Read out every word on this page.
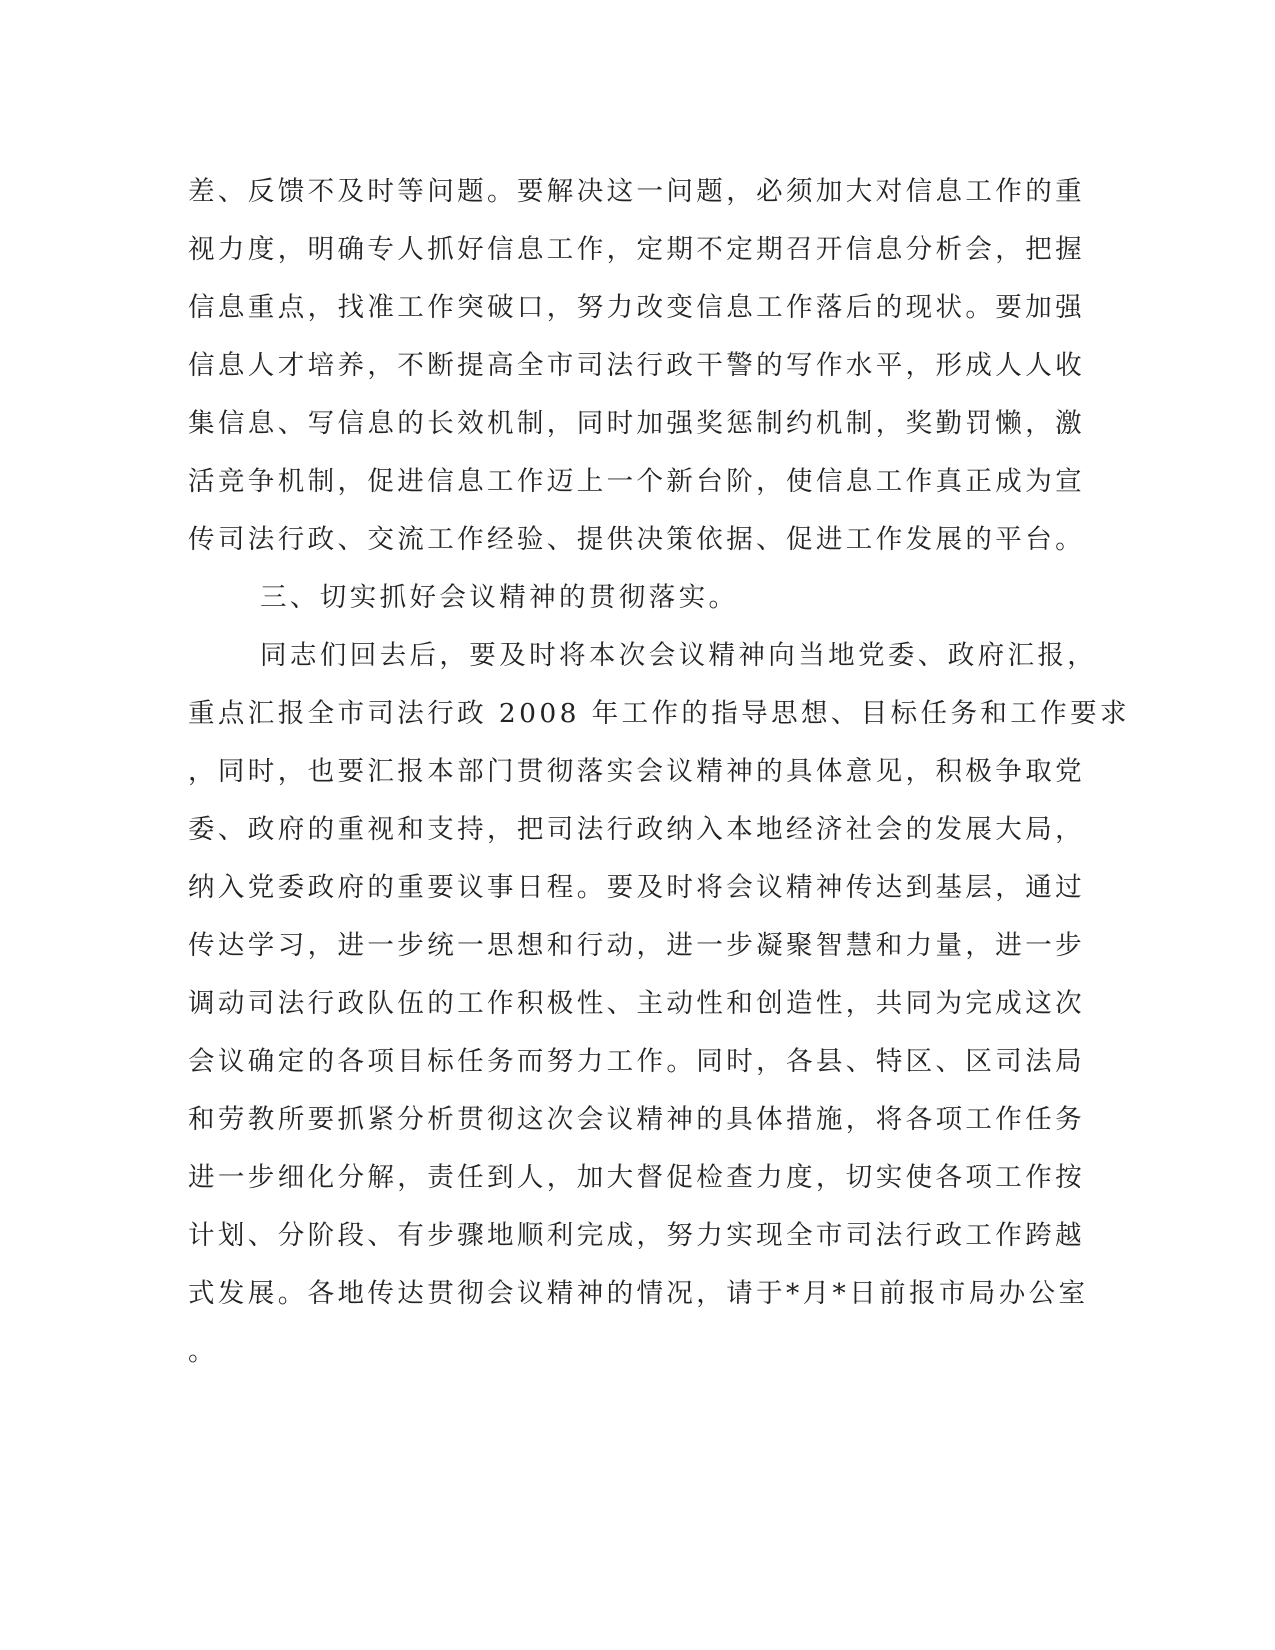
差、反馈不及时等问题。要解决这一问题，必须加大对信息工作的重
视力度，明确专人抓好信息工作，定期不定期召开信息分析会，把握
信息重点，找准工作突破口，努力改变信息工作落后的现状。要加强
信息人才培养，不断提高全市司法行政干警的写作水平，形成人人收
集信息、写信息的长效机制，同时加强奖惩制约机制，奖勤罚懒，激
活竞争机制，促进信息工作迈上一个新台阶，使信息工作真正成为宣
传司法行政、交流工作经验、提供决策依据、促进工作发展的平台。
三、切实抓好会议精神的贯彻落实。
同志们回去后，要及时将本次会议精神向当地党委、政府汇报，
重点汇报全市司法行政 2008 年工作的指导思想、目标任务和工作要求
，同时，也要汇报本部门贯彻落实会议精神的具体意见，积极争取党
委、政府的重视和支持，把司法行政纳入本地经济社会的发展大局，
纳入党委政府的重要议事日程。要及时将会议精神传达到基层，通过
传达学习，进一步统一思想和行动，进一步凝聚智慧和力量，进一步
调动司法行政队伍的工作积极性、主动性和创造性，共同为完成这次
会议确定的各项目标任务而努力工作。同时，各县、特区、区司法局
和劳教所要抓紧分析贯彻这次会议精神的具体措施，将各项工作任务
进一步细化分解，责任到人，加大督促检查力度，切实使各项工作按
计划、分阶段、有步骤地顺利完成，努力实现全市司法行政工作跨越
式发展。各地传达贯彻会议精神的情况，请于*月*日前报市局办公室
。
